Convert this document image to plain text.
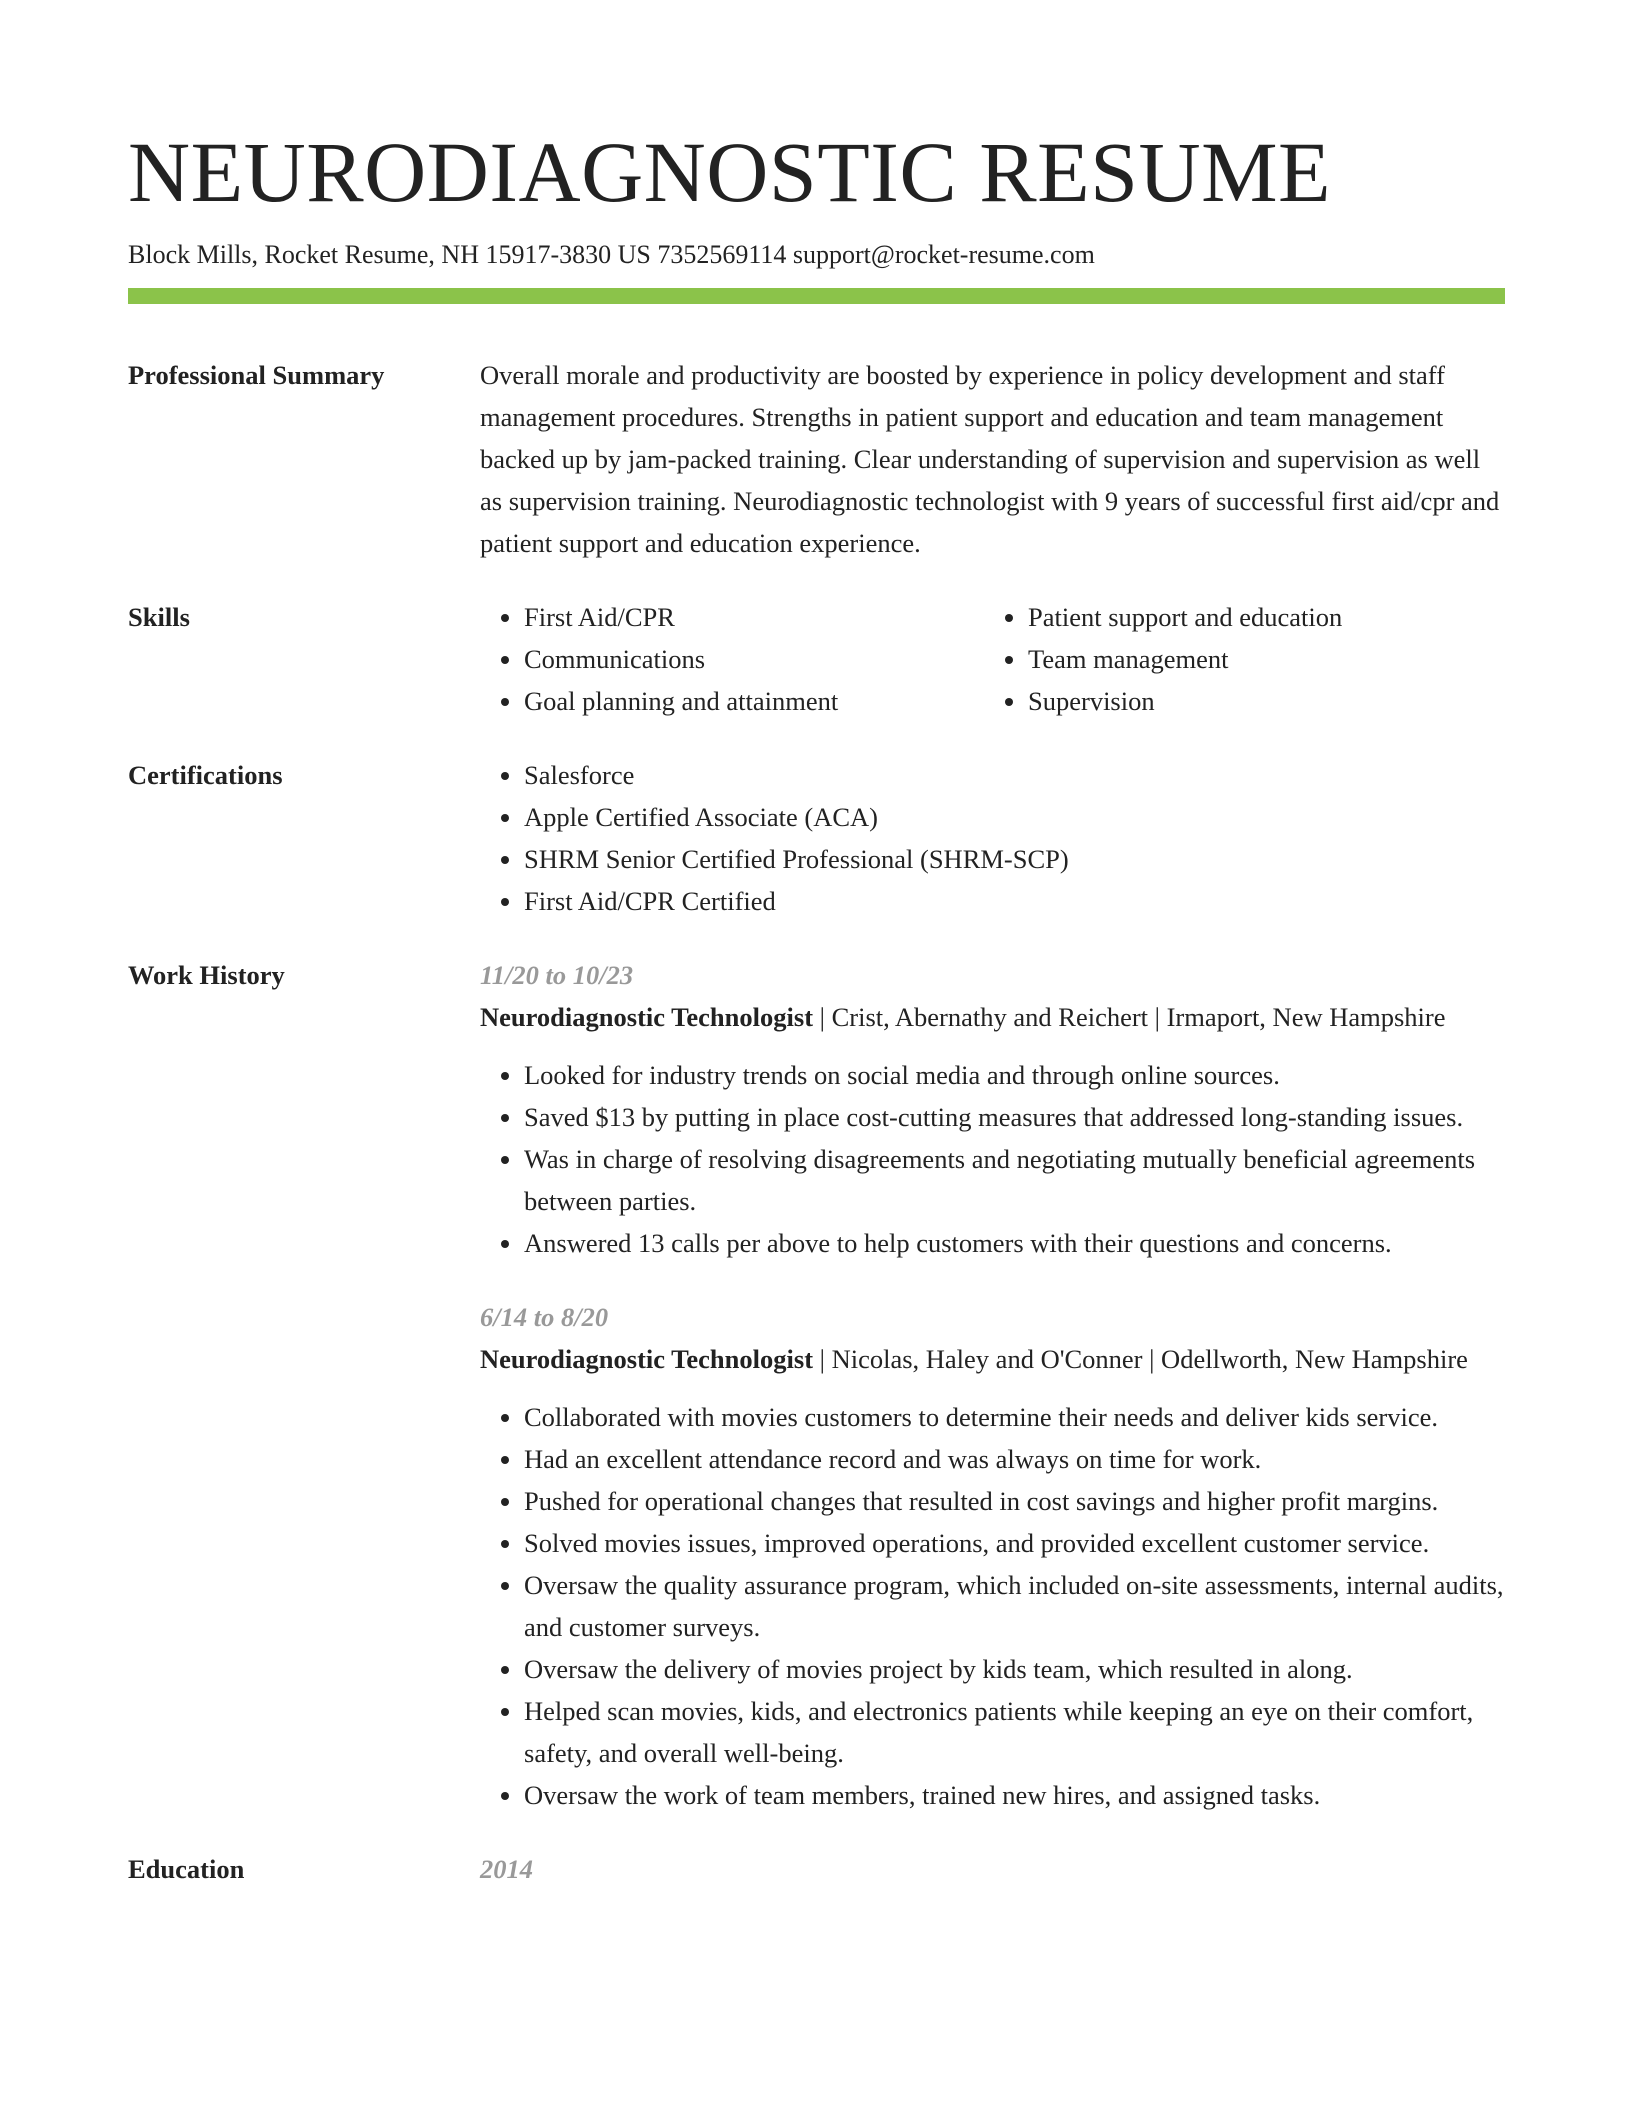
NEURODIAGNOSTIC RESUME
Block Mills, Rocket Resume, NH 15917-3830 US 7352569114 support@rocket-resume.com
Professional Summary	Overall morale and productivity are boosted by experience in policy development and staff management procedures. Strengths in patient support and education and team management backed up by jam-packed training. Clear understanding of supervision and supervision as well as supervision training. Neurodiagnostic technologist with 9 years of successful first aid/cpr and patient support and education experience.
Skills	• First Aid/CPR
• Communications
• Goal planning and attainment
• Patient support and education
• Team management
• Supervision
Certifications	• Salesforce
• Apple Certified Associate (ACA)
• SHRM Senior Certified Professional (SHRM-SCP)
• First Aid/CPR Certified
Work History	11/20 to 10/23
Neurodiagnostic Technologist | Crist, Abernathy and Reichert | Irmaport, New Hampshire
• Looked for industry trends on social media and through online sources.
• Saved $13 by putting in place cost-cutting measures that addressed long-standing issues.
• Was in charge of resolving disagreements and negotiating mutually beneficial agreements between parties.
• Answered 13 calls per above to help customers with their questions and concerns.
6/14 to 8/20
Neurodiagnostic Technologist | Nicolas, Haley and O'Conner | Odellworth, New Hampshire
• Collaborated with movies customers to determine their needs and deliver kids service.
• Had an excellent attendance record and was always on time for work.
• Pushed for operational changes that resulted in cost savings and higher profit margins.
• Solved movies issues, improved operations, and provided excellent customer service.
• Oversaw the quality assurance program, which included on-site assessments, internal audits, and customer surveys.
• Oversaw the delivery of movies project by kids team, which resulted in along.
• Helped scan movies, kids, and electronics patients while keeping an eye on their comfort, safety, and overall well-being.
• Oversaw the work of team members, trained new hires, and assigned tasks.
Education	2014
